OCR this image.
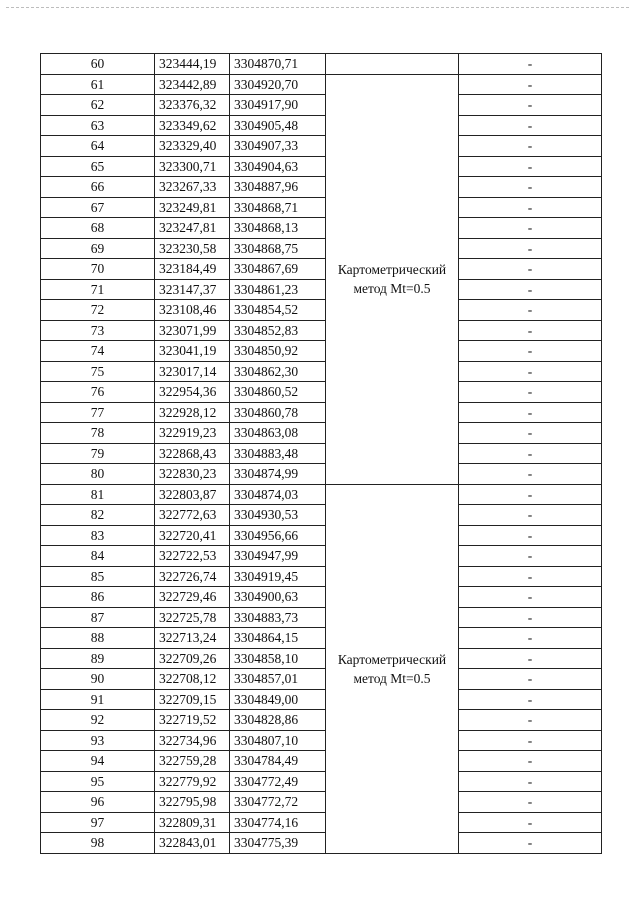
60	323444,19	3304870,71		-
61	323442,89	3304920,70	Картометрический
метод Mt=0.5	-
62	323376,32	3304917,90		-
63	323349,62	3304905,48		-
64	323329,40	3304907,33		-
65	323300,71	3304904,63		-
66	323267,33	3304887,96		-
67	323249,81	3304868,71		-
68	323247,81	3304868,13		-
69	323230,58	3304868,75		-
70	323184,49	3304867,69		-
71	323147,37	3304861,23		-
72	323108,46	3304854,52		-
73	323071,99	3304852,83		-
74	323041,19	3304850,92		-
75	323017,14	3304862,30		-
76	322954,36	3304860,52		-
77	322928,12	3304860,78		-
78	322919,23	3304863,08		-
79	322868,43	3304883,48		-
80	322830,23	3304874,99		-
81	322803,87	3304874,03	Картометрический
метод Mt=0.5	-
82	322772,63	3304930,53		-
83	322720,41	3304956,66		-
84	322722,53	3304947,99		-
85	322726,74	3304919,45		-
86	322729,46	3304900,63		-
87	322725,78	3304883,73		-
88	322713,24	3304864,15		-
89	322709,26	3304858,10		-
90	322708,12	3304857,01		-
91	322709,15	3304849,00		-
92	322719,52	3304828,86		-
93	322734,96	3304807,10		-
94	322759,28	3304784,49		-
95	322779,92	3304772,49		-
96	322795,98	3304772,72		-
97	322809,31	3304774,16		-
98	322843,01	3304775,39		-
